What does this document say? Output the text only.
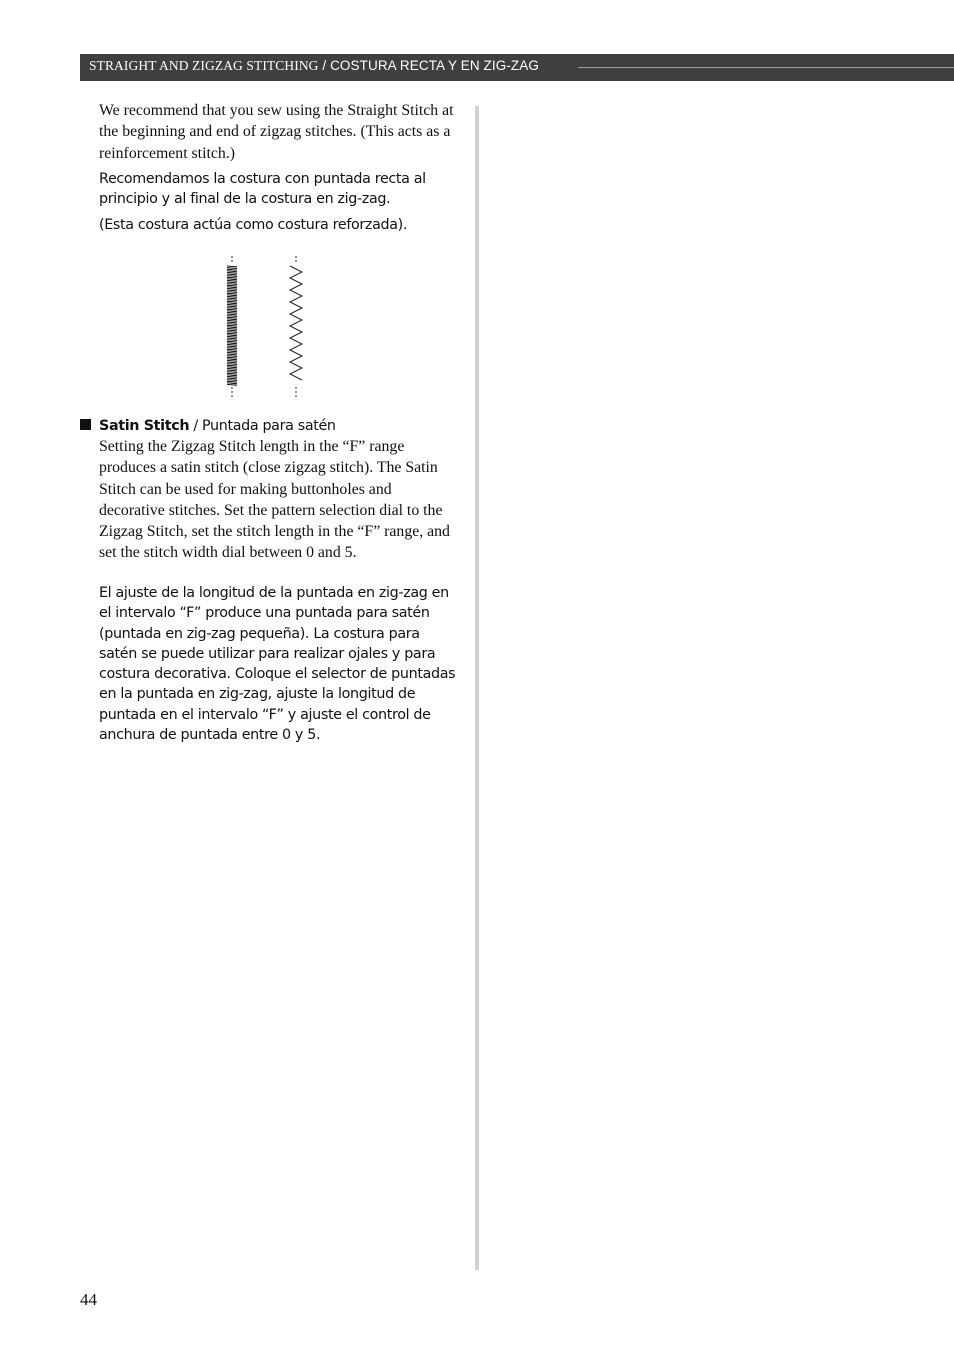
STRAIGHT AND ZIGZAG STITCHING / COSTURA RECTA Y EN ZIG-ZAG

We recommend that you sew using the Straight Stitch at the beginning and end of zigzag stitches. (This acts as a reinforcement stitch.)

Recomendamos la costura con puntada recta al principio y al final de la costura en zig-zag.

(Esta costura actúa como costura reforzada).

Satin Stitch / Puntada para satén

Setting the Zigzag Stitch length in the “F” range produces a satin stitch (close zigzag stitch). The Satin Stitch can be used for making buttonholes and decorative stitches. Set the pattern selection dial to the Zigzag Stitch, set the stitch length in the “F” range, and set the stitch width dial between 0 and 5.

El ajuste de la longitud de la puntada en zig-zag en el intervalo “F” produce una puntada para satén (puntada en zig-zag pequeña). La costura para satén se puede utilizar para realizar ojales y para costura decorativa. Coloque el selector de puntadas en la puntada en zig-zag, ajuste la longitud de puntada en el intervalo “F” y ajuste el control de anchura de puntada entre 0 y 5.

44
